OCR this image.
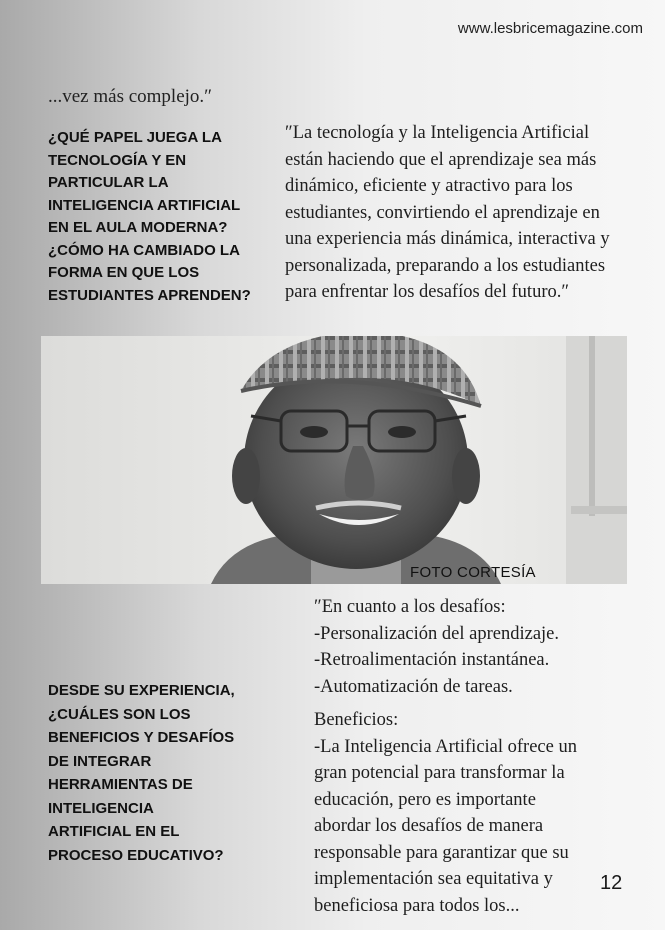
www.lesbricemagazine.com
...vez más complejo.″
¿QUÉ PAPEL JUEGA LA
TECNOLOGÍA Y EN
PARTICULAR LA
INTELIGENCIA ARTIFICIAL
EN EL AULA MODERNA?
¿CÓMO HA CAMBIADO LA
FORMA EN QUE LOS
ESTUDIANTES APRENDEN?
″La tecnología y la Inteligencia Artificial
están haciendo que el aprendizaje sea más
dinámico, eficiente y atractivo para los
estudiantes, convirtiendo el aprendizaje en
una experiencia más dinámica, interactiva y
personalizada, preparando a los estudiantes
para enfrentar los desafíos del futuro.″
FOTO CORTESÍA
DESDE SU EXPERIENCIA,
¿CUÁLES SON LOS
BENEFICIOS Y DESAFÍOS
DE INTEGRAR
HERRAMIENTAS DE
INTELIGENCIA
ARTIFICIAL EN EL
PROCESO EDUCATIVO?

″En cuanto a los desafíos:

-Personalización del aprendizaje.

-Retroalimentación instantánea.

-Automatización de tareas.

Beneficios:

-La Inteligencia Artificial ofrece un

gran potencial para transformar la

educación, pero es importante

abordar los desafíos de manera

responsable para garantizar que su

implementación sea equitativa y

beneficiosa para todos los...

12
